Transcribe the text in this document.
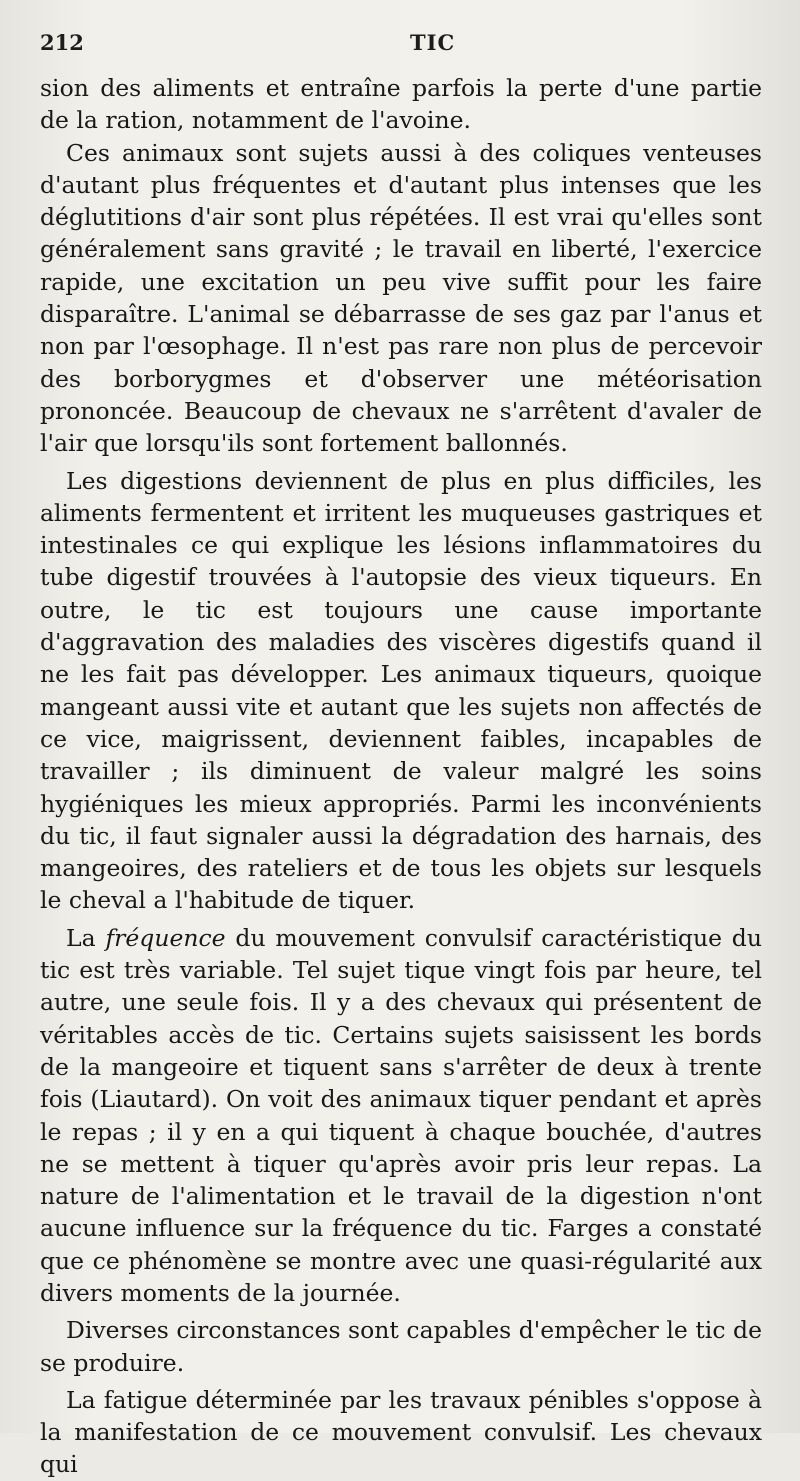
212	TIC

sion des aliments et entraîne parfois la perte d'une partie de la ration, notamment de l'avoine.

Ces animaux sont sujets aussi à des coliques venteuses d'autant plus fréquentes et d'autant plus intenses que les déglutitions d'air sont plus répétées. Il est vrai qu'elles sont généralement sans gravité ; le travail en liberté, l'exercice rapide, une excitation un peu vive suffit pour les faire disparaître. L'animal se débarrasse de ses gaz par l'anus et non par l'œsophage. Il n'est pas rare non plus de percevoir des borborygmes et d'observer une météorisation prononcée. Beaucoup de chevaux ne s'arrêtent d'avaler de l'air que lorsqu'ils sont fortement ballonnés.

Les digestions deviennent de plus en plus difficiles, les aliments fermentent et irritent les muqueuses gastriques et intestinales ce qui explique les lésions inflammatoires du tube digestif trouvées à l'autopsie des vieux tiqueurs. En outre, le tic est toujours une cause importante d'aggravation des maladies des viscères digestifs quand il ne les fait pas développer. Les animaux tiqueurs, quoique mangeant aussi vite et autant que les sujets non affectés de ce vice, maigrissent, deviennent faibles, incapables de travailler ; ils diminuent de valeur malgré les soins hygiéniques les mieux appropriés. Parmi les inconvénients du tic, il faut signaler aussi la dégradation des harnais, des mangeoires, des rateliers et de tous les objets sur lesquels le cheval a l'habitude de tiquer.

La fréquence du mouvement convulsif caractéristique du tic est très variable. Tel sujet tique vingt fois par heure, tel autre, une seule fois. Il y a des chevaux qui présentent de véritables accès de tic. Certains sujets saisissent les bords de la mangeoire et tiquent sans s'arrêter de deux à trente fois (Liautard). On voit des animaux tiquer pendant et après le repas ; il y en a qui tiquent à chaque bouchée, d'autres ne se mettent à tiquer qu'après avoir pris leur repas. La nature de l'alimentation et le travail de la digestion n'ont aucune influence sur la fréquence du tic. Farges a constaté que ce phénomène se montre avec une quasi-régularité aux divers moments de la journée.

Diverses circonstances sont capables d'empêcher le tic de se produire.

La fatigue déterminée par les travaux pénibles s'oppose à la manifestation de ce mouvement convulsif. Les chevaux qui
